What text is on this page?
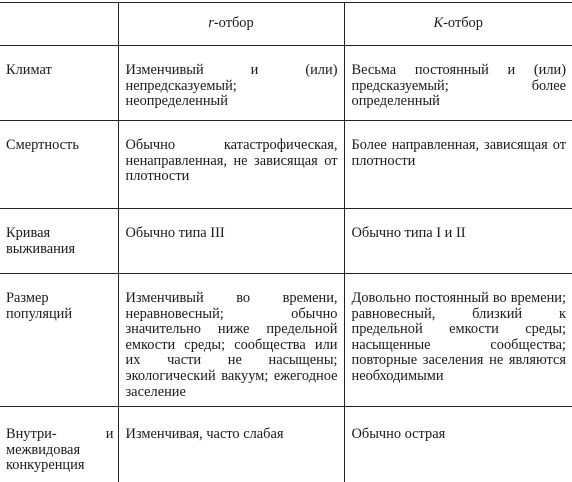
	r-отбор	K-отбор
Климат	Изменчивый и (или) непредсказуемый; неопределенный	Весьма постоянный и (или) предсказуемый; более определенный
Смертность	Обычно катастрофическая, ненаправленная, не зависящая от плотности	Более направленная, зависящая от плотности
Кривая выживания	Обычно типа III	Обычно типа I и II
Размер популяций	Изменчивый во времени, неравновесный; обычно значительно ниже предельной емкости среды; сообщества или их части не насыщены; экологический вакуум; ежегодное заселение	Довольно постоянный во времени; равновесный, близкий к предельной емкости среды; насыщенные сообщества; повторные заселения не являются необходимыми
Внутри- и межвидовая конкуренция	Изменчивая, часто слабая	Обычно острая
